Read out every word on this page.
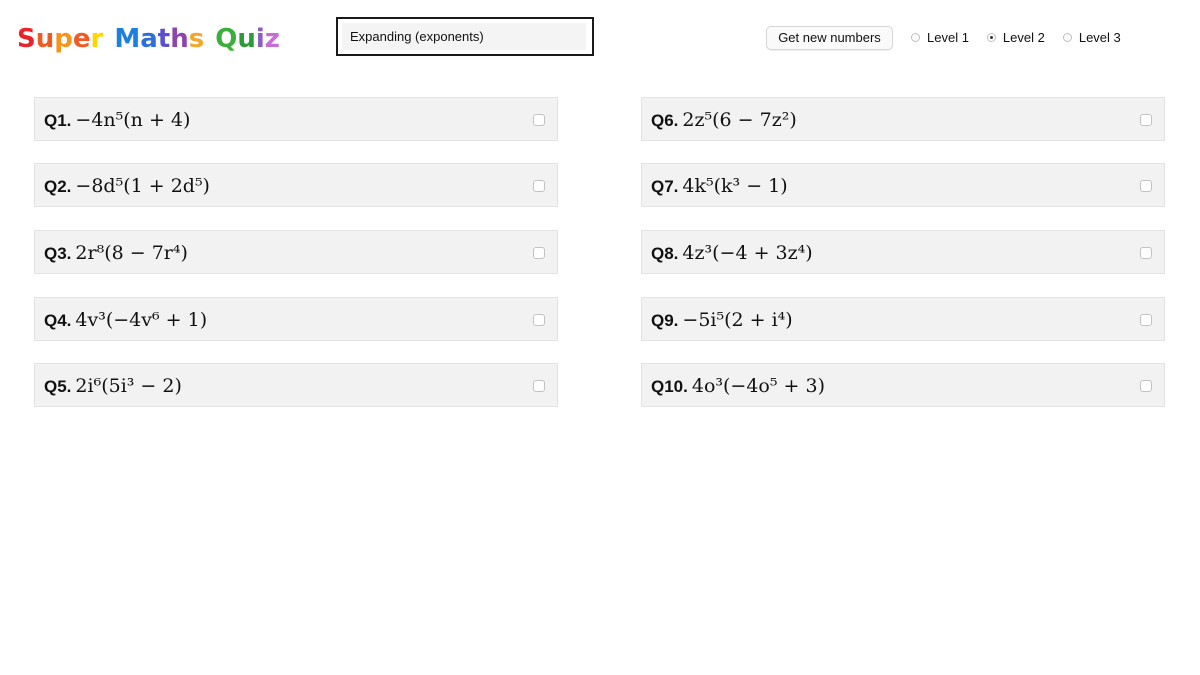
Super Maths Quiz	Expanding (exponents)	Get new numbers	Level 1	Level 2	Level 3
Q1. −4n⁵(n + 4)
Q2. −8d⁵(1 + 2d⁵)
Q3. 2r⁸(8 − 7r⁴)
Q4. 4v³(−4v⁶ + 1)
Q5. 2i⁶(5i³ − 2)
Q6. 2z⁵(6 − 7z²)
Q7. 4k⁵(k³ − 1)
Q8. 4z³(−4 + 3z⁴)
Q9. −5i⁵(2 + i⁴)
Q10. 4o³(−4o⁵ + 3)
